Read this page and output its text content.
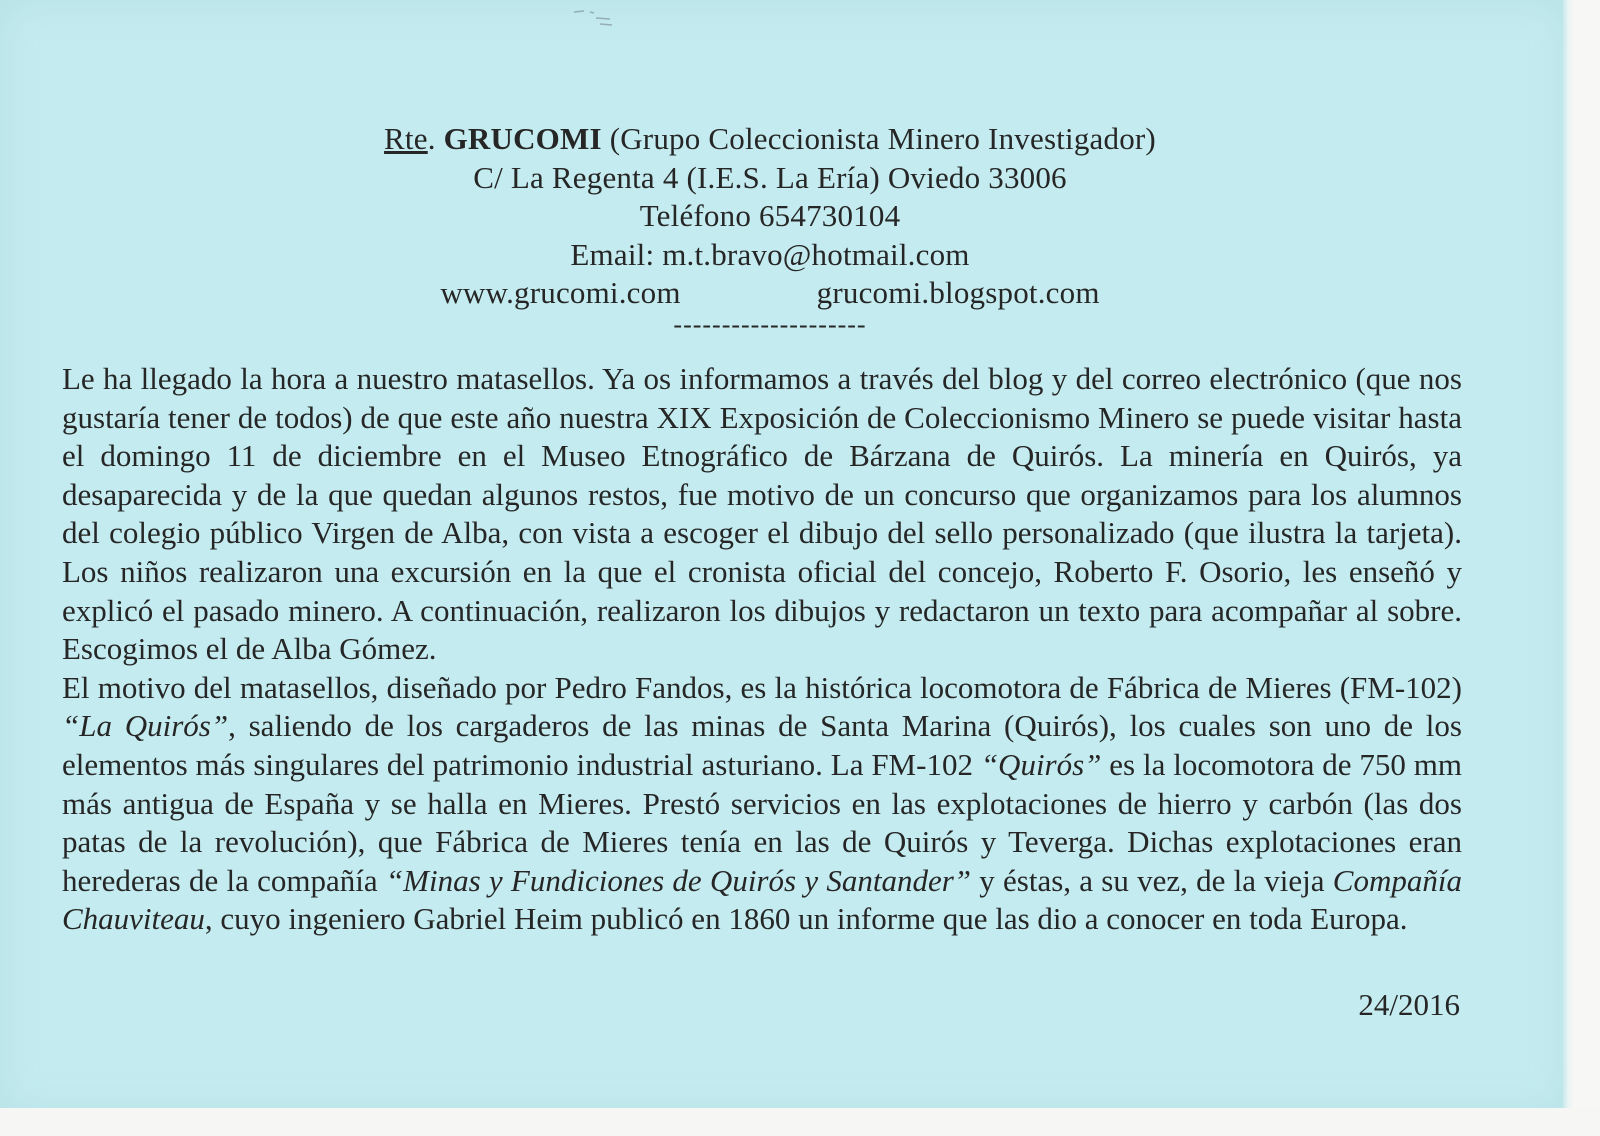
Rte. GRUCOMI (Grupo Coleccionista Minero Investigador)
C/ La Regenta 4 (I.E.S. La Ería) Oviedo 33006
Teléfono 654730104
Email: m.t.bravo@hotmail.com
www.grucomi.com	grucomi.blogspot.com
--------------------

Le ha llegado la hora a nuestro matasellos. Ya os informamos a través del blog y del correo electrónico (que nos gustaría tener de todos) de que este año nuestra XIX Exposición de Coleccionismo Minero se puede visitar hasta el domingo 11 de diciembre en el Museo Etnográfico de Bárzana de Quirós. La minería en Quirós, ya desaparecida y de la que quedan algunos restos, fue motivo de un concurso que organizamos para los alumnos del colegio público Virgen de Alba, con vista a escoger el dibujo del sello personalizado (que ilustra la tarjeta). Los niños realizaron una excursión en la que el cronista oficial del concejo, Roberto F. Osorio, les enseñó y explicó el pasado minero. A continuación, realizaron los dibujos y redactaron un texto para acompañar al sobre. Escogimos el de Alba Gómez.

El motivo del matasellos, diseñado por Pedro Fandos, es la histórica locomotora de Fábrica de Mieres (FM-102) “La Quirós”, saliendo de los cargaderos de las minas de Santa Marina (Quirós), los cuales son uno de los elementos más singulares del patrimonio industrial asturiano. La FM-102 “Quirós” es la locomotora de 750 mm más antigua de España y se halla en Mieres. Prestó servicios en las explotaciones de hierro y carbón (las dos patas de la revolución), que Fábrica de Mieres tenía en las de Quirós y Teverga. Dichas explotaciones eran herederas de la compañía “Minas y Fundiciones de Quirós y Santander” y éstas, a su vez, de la vieja Compañía Chauviteau, cuyo ingeniero Gabriel Heim publicó en 1860 un informe que las dio a conocer en toda Europa.

24/2016
